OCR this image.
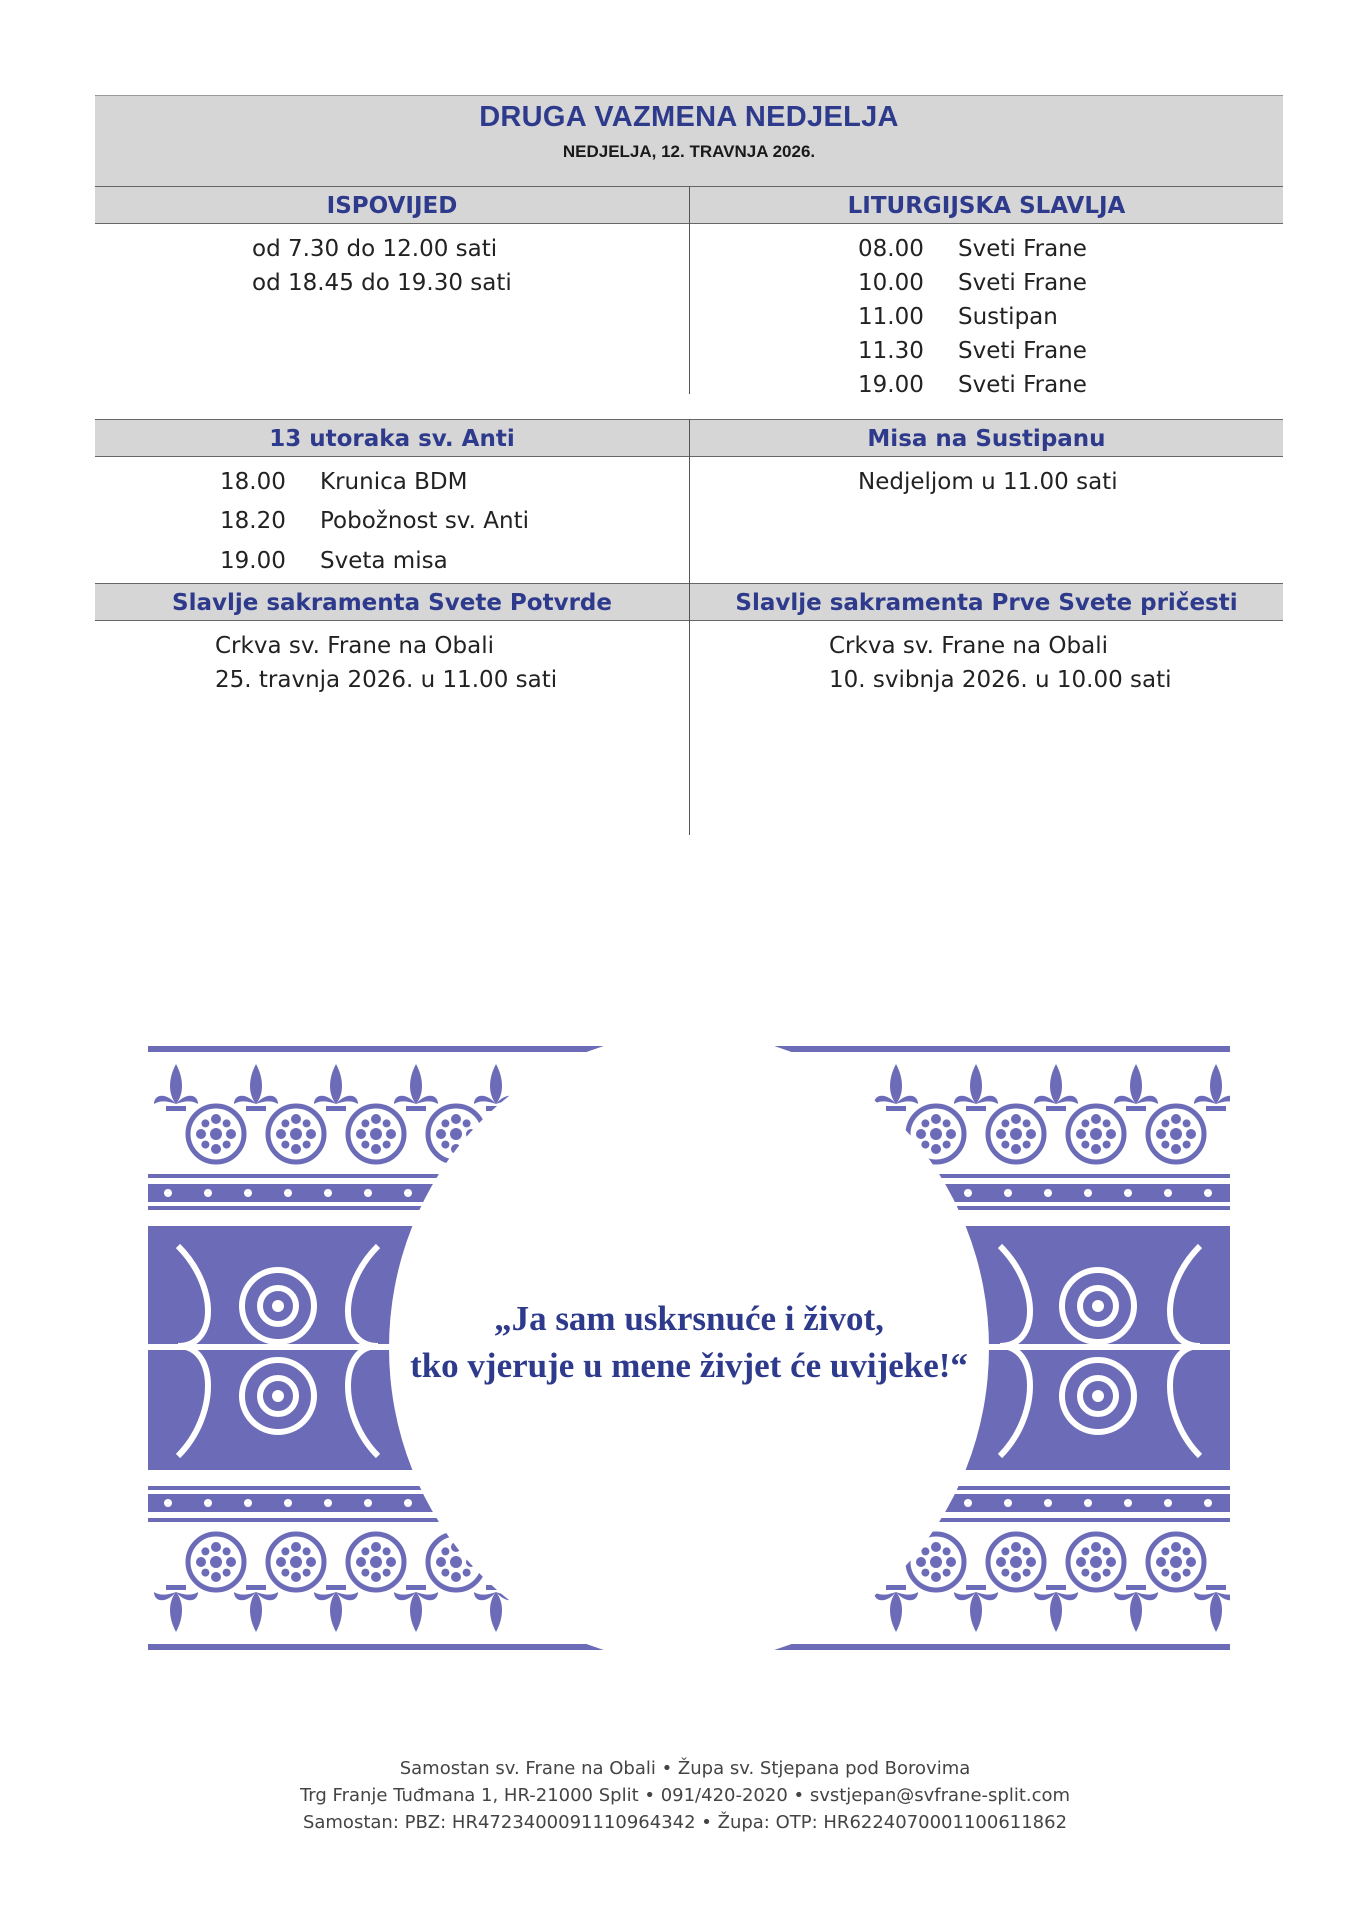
DRUGA VAZMENA NEDJELJA
NEDJELJA, 12. TRAVNJA 2026.
ISPOVIJED
od 7.30 do 12.00 sati
od 18.45 do 19.30 sati
LITURGIJSKA SLAVLJA
08.00	Sveti Frane
10.00	Sveti Frane
11.00	Sustipan
11.30	Sveti Frane
19.00	Sveti Frane
13 utoraka sv. Anti
18.00	Krunica BDM
18.20	Pobožnost sv. Anti
19.00	Sveta misa
Misa na Sustipanu
Nedjeljom u 11.00 sati
Slavlje sakramenta Svete Potvrde
Crkva sv. Frane na Obali
25. travnja 2026. u 11.00 sati
Slavlje sakramenta Prve Svete pričesti
Crkva sv. Frane na Obali
10. svibnja 2026. u 10.00 sati
„Ja sam uskrsnuće i život,
tko vjeruje u mene živjet će uvijeke!“
Samostan sv. Frane na Obali • Župa sv. Stjepana pod Borovima
Trg Franje Tuđmana 1, HR-21000 Split • 091/420-2020 • svstjepan@svfrane-split.com
Samostan: PBZ: HR4723400091110964342 • Župa: OTP: HR6224070001100611862
